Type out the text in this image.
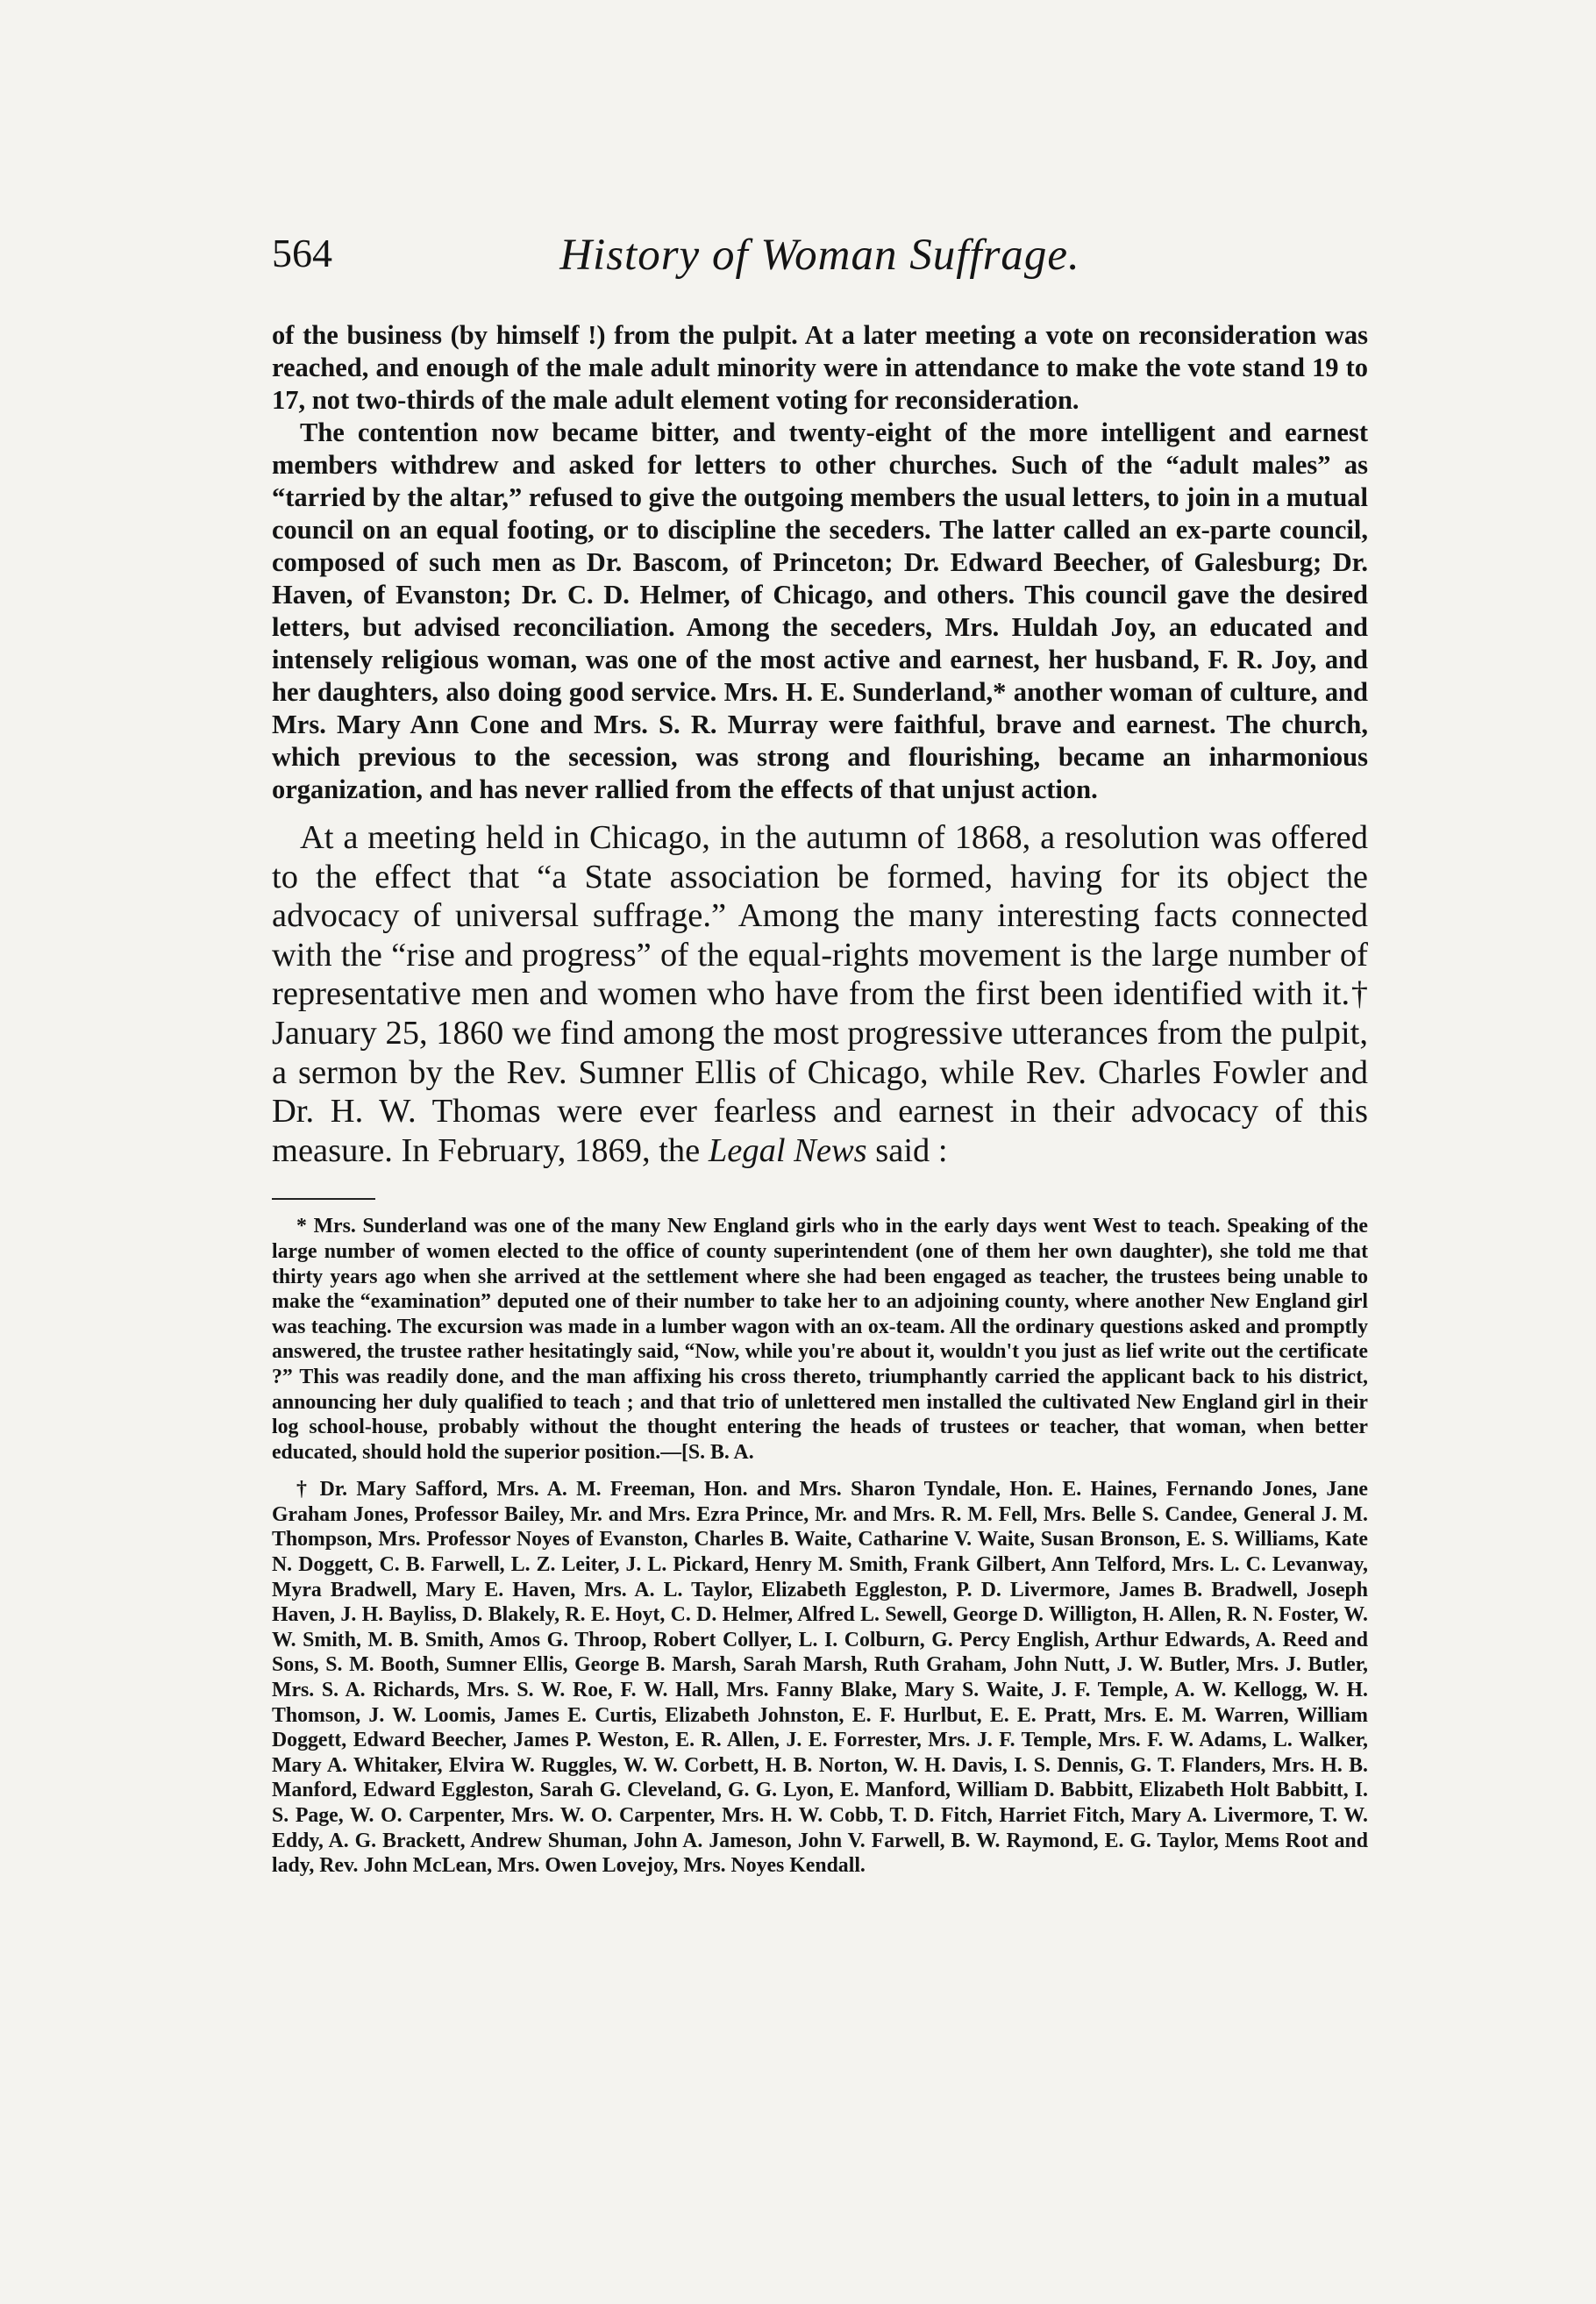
564	History of Woman Suffrage.

of the business (by himself !) from the pulpit. At a later meeting a vote on reconsideration was reached, and enough of the male adult minority were in attendance to make the vote stand 19 to 17, not two-thirds of the male adult element voting for reconsideration.

The contention now became bitter, and twenty-eight of the more intelligent and earnest members withdrew and asked for letters to other churches. Such of the “adult males” as “tarried by the altar,” refused to give the outgoing members the usual letters, to join in a mutual council on an equal footing, or to discipline the seceders. The latter called an ex-parte council, composed of such men as Dr. Bascom, of Princeton; Dr. Edward Beecher, of Galesburg; Dr. Haven, of Evanston; Dr. C. D. Helmer, of Chicago, and others. This council gave the desired letters, but advised reconciliation. Among the seceders, Mrs. Huldah Joy, an educated and intensely religious woman, was one of the most active and earnest, her husband, F. R. Joy, and her daughters, also doing good service. Mrs. H. E. Sunderland,* another woman of culture, and Mrs. Mary Ann Cone and Mrs. S. R. Murray were faithful, brave and earnest. The church, which previous to the secession, was strong and flourishing, became an inharmonious organization, and has never rallied from the effects of that unjust action.

At a meeting held in Chicago, in the autumn of 1868, a resolution was offered to the effect that “a State association be formed, having for its object the advocacy of universal suffrage.” Among the many interesting facts connected with the “rise and progress” of the equal-rights movement is the large number of representative men and women who have from the first been identified with it.† January 25, 1860 we find among the most progressive utterances from the pulpit, a sermon by the Rev. Sumner Ellis of Chicago, while Rev. Charles Fowler and Dr. H. W. Thomas were ever fearless and earnest in their advocacy of this measure. In February, 1869, the Legal News said :

* Mrs. Sunderland was one of the many New England girls who in the early days went West to teach. Speaking of the large number of women elected to the office of county superintendent (one of them her own daughter), she told me that thirty years ago when she arrived at the settlement where she had been engaged as teacher, the trustees being unable to make the “examination” deputed one of their number to take her to an adjoining county, where another New England girl was teaching. The excursion was made in a lumber wagon with an ox-team. All the ordinary questions asked and promptly answered, the trustee rather hesitatingly said, “Now, while you're about it, wouldn't you just as lief write out the certificate ?” This was readily done, and the man affixing his cross thereto, triumphantly carried the applicant back to his district, announcing her duly qualified to teach ; and that trio of unlettered men installed the cultivated New England girl in their log school-house, probably without the thought entering the heads of trustees or teacher, that woman, when better educated, should hold the superior position.—[S. B. A.

† Dr. Mary Safford, Mrs. A. M. Freeman, Hon. and Mrs. Sharon Tyndale, Hon. E. Haines, Fernando Jones, Jane Graham Jones, Professor Bailey, Mr. and Mrs. Ezra Prince, Mr. and Mrs. R. M. Fell, Mrs. Belle S. Candee, General J. M. Thompson, Mrs. Professor Noyes of Evanston, Charles B. Waite, Catharine V. Waite, Susan Bronson, E. S. Williams, Kate N. Doggett, C. B. Farwell, L. Z. Leiter, J. L. Pickard, Henry M. Smith, Frank Gilbert, Ann Telford, Mrs. L. C. Levanway, Myra Bradwell, Mary E. Haven, Mrs. A. L. Taylor, Elizabeth Eggleston, P. D. Livermore, James B. Bradwell, Joseph Haven, J. H. Bayliss, D. Blakely, R. E. Hoyt, C. D. Helmer, Alfred L. Sewell, George D. Willigton, H. Allen, R. N. Foster, W. W. Smith, M. B. Smith, Amos G. Throop, Robert Collyer, L. I. Colburn, G. Percy English, Arthur Edwards, A. Reed and Sons, S. M. Booth, Sumner Ellis, George B. Marsh, Sarah Marsh, Ruth Graham, John Nutt, J. W. Butler, Mrs. J. Butler, Mrs. S. A. Richards, Mrs. S. W. Roe, F. W. Hall, Mrs. Fanny Blake, Mary S. Waite, J. F. Temple, A. W. Kellogg, W. H. Thomson, J. W. Loomis, James E. Curtis, Elizabeth Johnston, E. F. Hurlbut, E. E. Pratt, Mrs. E. M. Warren, William Doggett, Edward Beecher, James P. Weston, E. R. Allen, J. E. Forrester, Mrs. J. F. Temple, Mrs. F. W. Adams, L. Walker, Mary A. Whitaker, Elvira W. Ruggles, W. W. Corbett, H. B. Norton, W. H. Davis, I. S. Dennis, G. T. Flanders, Mrs. H. B. Manford, Edward Eggleston, Sarah G. Cleveland, G. G. Lyon, E. Manford, William D. Babbitt, Elizabeth Holt Babbitt, I. S. Page, W. O. Carpenter, Mrs. W. O. Carpenter, Mrs. H. W. Cobb, T. D. Fitch, Harriet Fitch, Mary A. Livermore, T. W. Eddy, A. G. Brackett, Andrew Shuman, John A. Jameson, John V. Farwell, B. W. Raymond, E. G. Taylor, Mems Root and lady, Rev. John McLean, Mrs. Owen Lovejoy, Mrs. Noyes Kendall.
